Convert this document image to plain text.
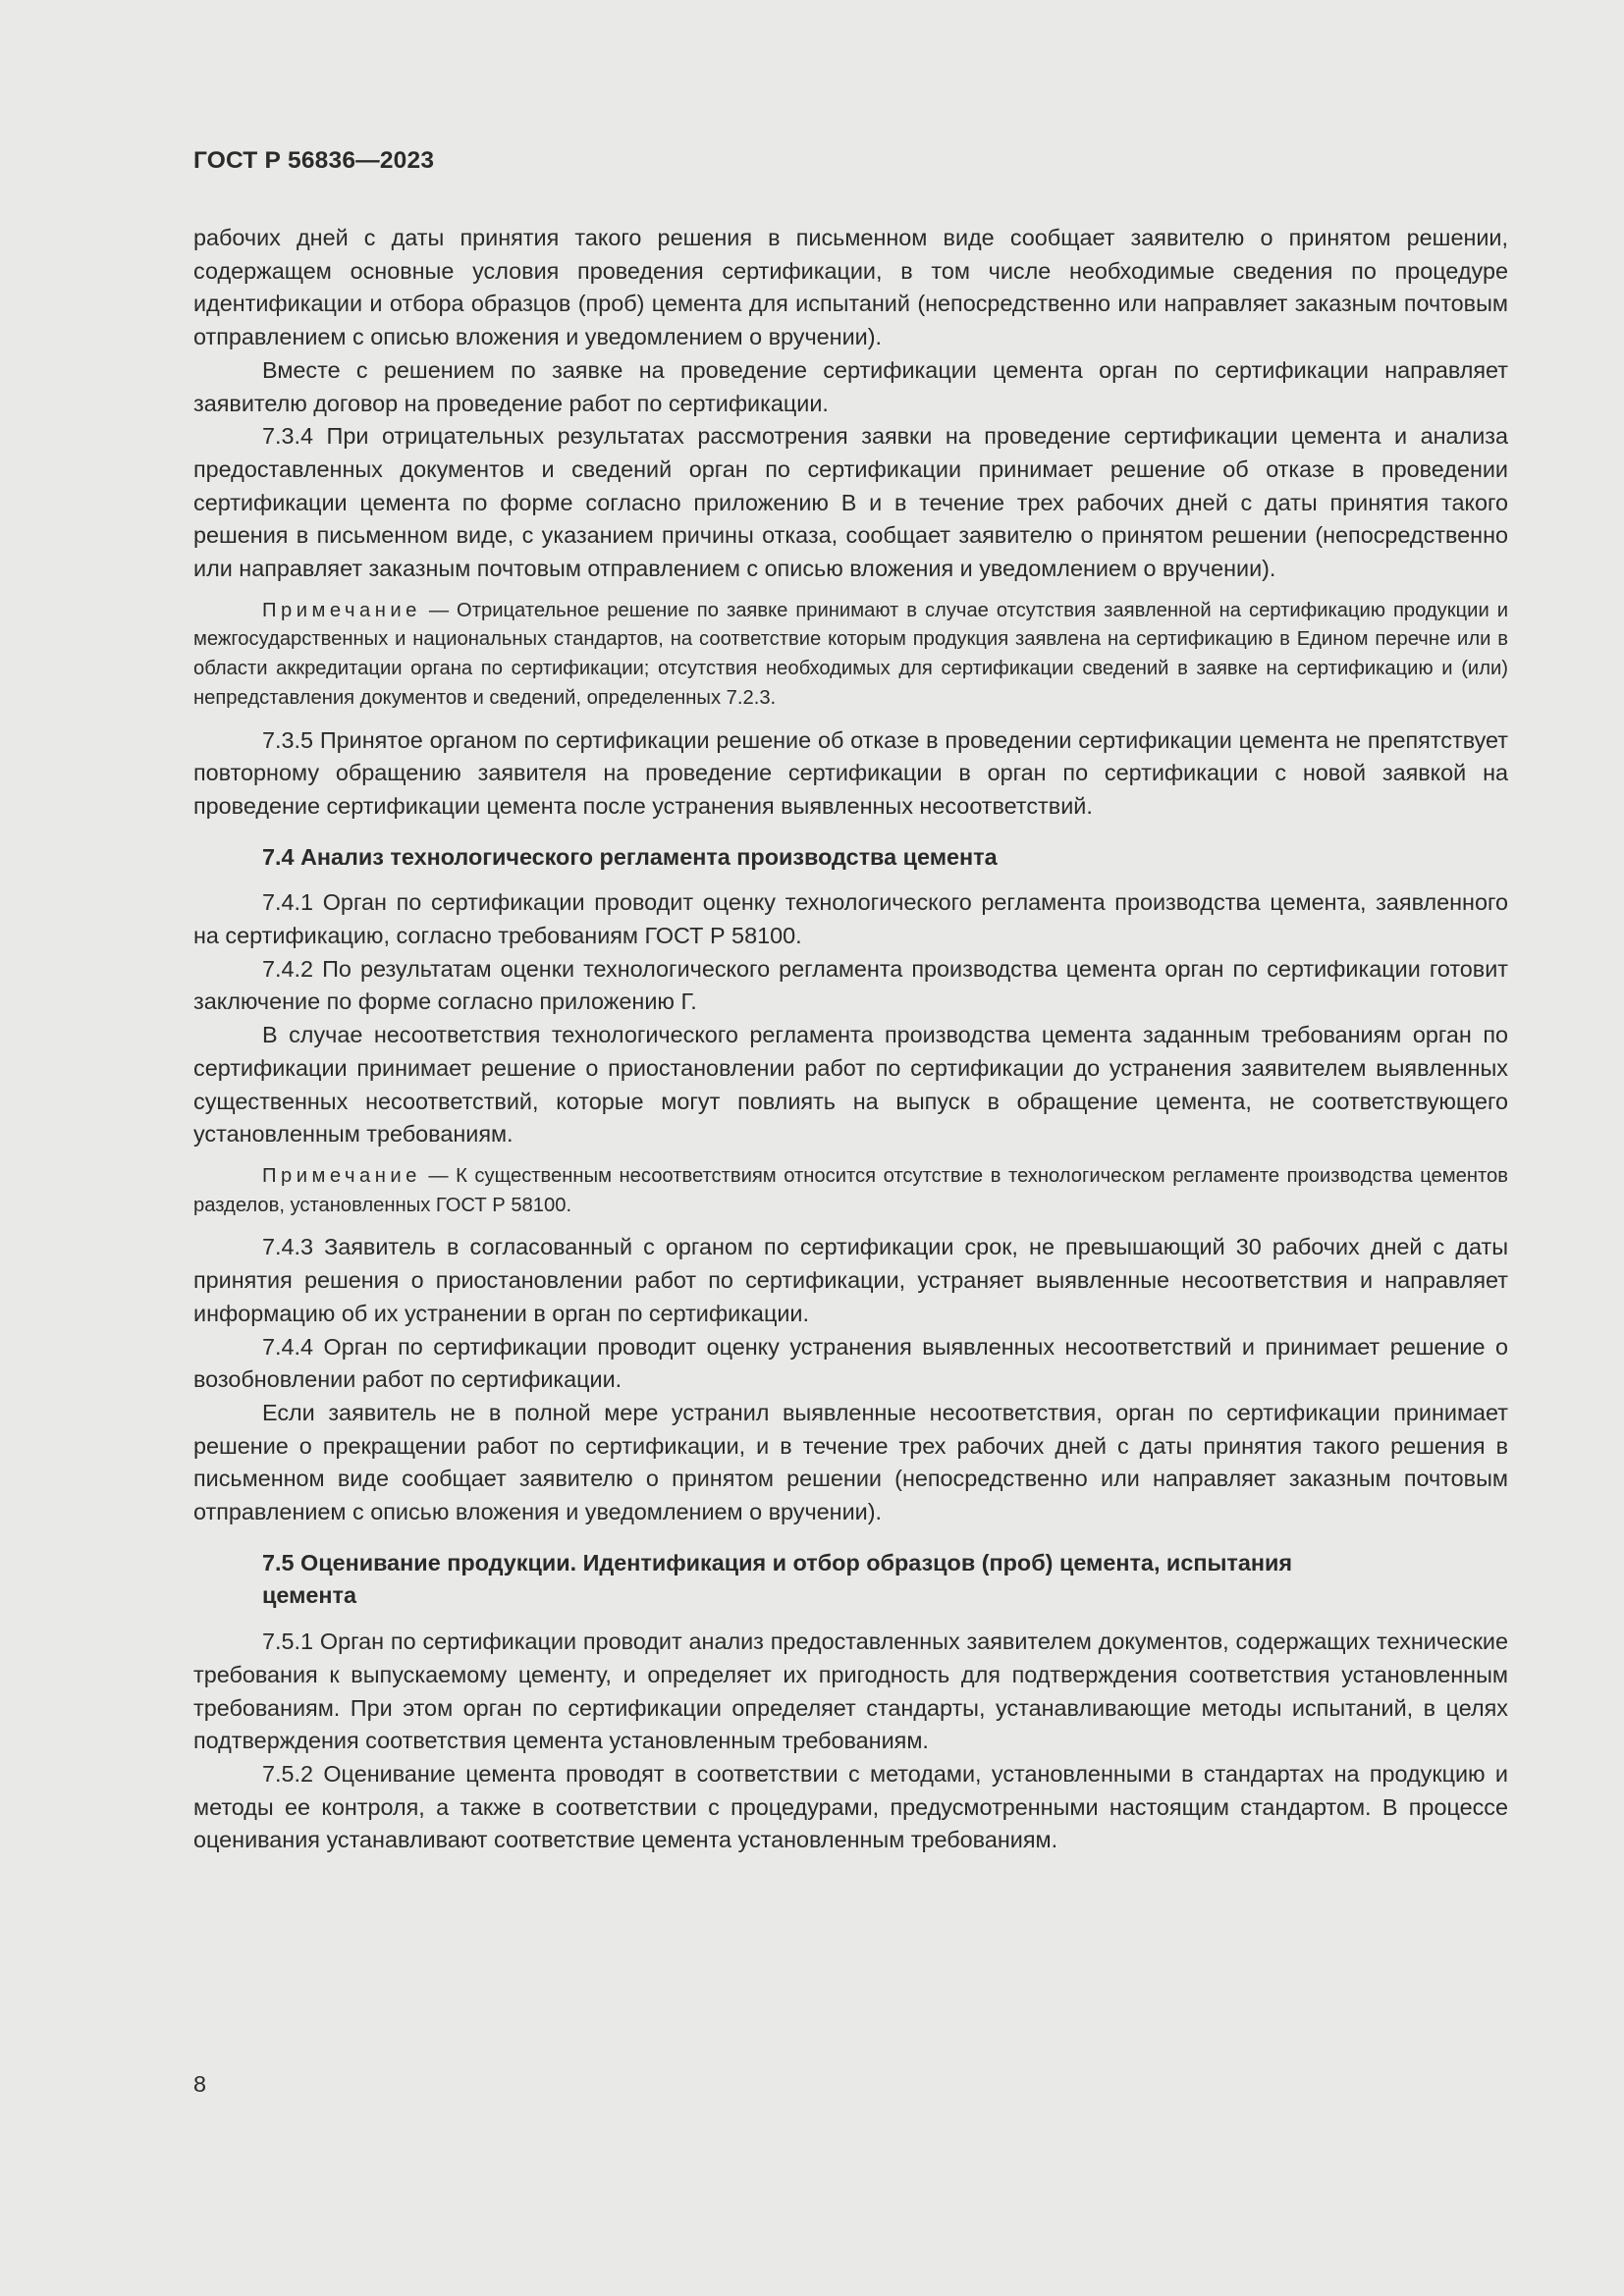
ГОСТ Р 56836—2023

рабочих дней с даты принятия такого решения в письменном виде сообщает заявителю о принятом решении, содержащем основные условия проведения сертификации, в том числе необходимые сведения по процедуре идентификации и отбора образцов (проб) цемента для испытаний (непосредственно или направляет заказным почтовым отправлением с описью вложения и уведомлением о вручении).

Вместе с решением по заявке на проведение сертификации цемента орган по сертификации направляет заявителю договор на проведение работ по сертификации.

7.3.4 При отрицательных результатах рассмотрения заявки на проведение сертификации цемента и анализа предоставленных документов и сведений орган по сертификации принимает решение об отказе в проведении сертификации цемента по форме согласно приложению В и в течение трех рабочих дней с даты принятия такого решения в письменном виде, с указанием причины отказа, сообщает заявителю о принятом решении (непосредственно или направляет заказным почтовым отправлением с описью вложения и уведомлением о вручении).

Примечание — Отрицательное решение по заявке принимают в случае отсутствия заявленной на сертификацию продукции и межгосударственных и национальных стандартов, на соответствие которым продукция заявлена на сертификацию в Едином перечне или в области аккредитации органа по сертификации; отсутствия необходимых для сертификации сведений в заявке на сертификацию и (или) непредставления документов и сведений, определенных 7.2.3.

7.3.5 Принятое органом по сертификации решение об отказе в проведении сертификации цемента не препятствует повторному обращению заявителя на проведение сертификации в орган по сертификации с новой заявкой на проведение сертификации цемента после устранения выявленных несоответствий.

7.4 Анализ технологического регламента производства цемента

7.4.1 Орган по сертификации проводит оценку технологического регламента производства цемента, заявленного на сертификацию, согласно требованиям ГОСТ Р 58100.

7.4.2 По результатам оценки технологического регламента производства цемента орган по сертификации готовит заключение по форме согласно приложению Г.

В случае несоответствия технологического регламента производства цемента заданным требованиям орган по сертификации принимает решение о приостановлении работ по сертификации до устранения заявителем выявленных существенных несоответствий, которые могут повлиять на выпуск в обращение цемента, не соответствующего установленным требованиям.

Примечание — К существенным несоответствиям относится отсутствие в технологическом регламенте производства цементов разделов, установленных ГОСТ Р 58100.

7.4.3 Заявитель в согласованный с органом по сертификации срок, не превышающий 30 рабочих дней с даты принятия решения о приостановлении работ по сертификации, устраняет выявленные несоответствия и направляет информацию об их устранении в орган по сертификации.

7.4.4 Орган по сертификации проводит оценку устранения выявленных несоответствий и принимает решение о возобновлении работ по сертификации.

Если заявитель не в полной мере устранил выявленные несоответствия, орган по сертификации принимает решение о прекращении работ по сертификации, и в течение трех рабочих дней с даты принятия такого решения в письменном виде сообщает заявителю о принятом решении (непосредственно или направляет заказным почтовым отправлением с описью вложения и уведомлением о вручении).

7.5 Оценивание продукции. Идентификация и отбор образцов (проб) цемента, испытания цемента

7.5.1 Орган по сертификации проводит анализ предоставленных заявителем документов, содержащих технические требования к выпускаемому цементу, и определяет их пригодность для подтверждения соответствия установленным требованиям. При этом орган по сертификации определяет стандарты, устанавливающие методы испытаний, в целях подтверждения соответствия цемента установленным требованиям.

7.5.2 Оценивание цемента проводят в соответствии с методами, установленными в стандартах на продукцию и методы ее контроля, а также в соответствии с процедурами, предусмотренными настоящим стандартом. В процессе оценивания устанавливают соответствие цемента установленным требованиям.

8
